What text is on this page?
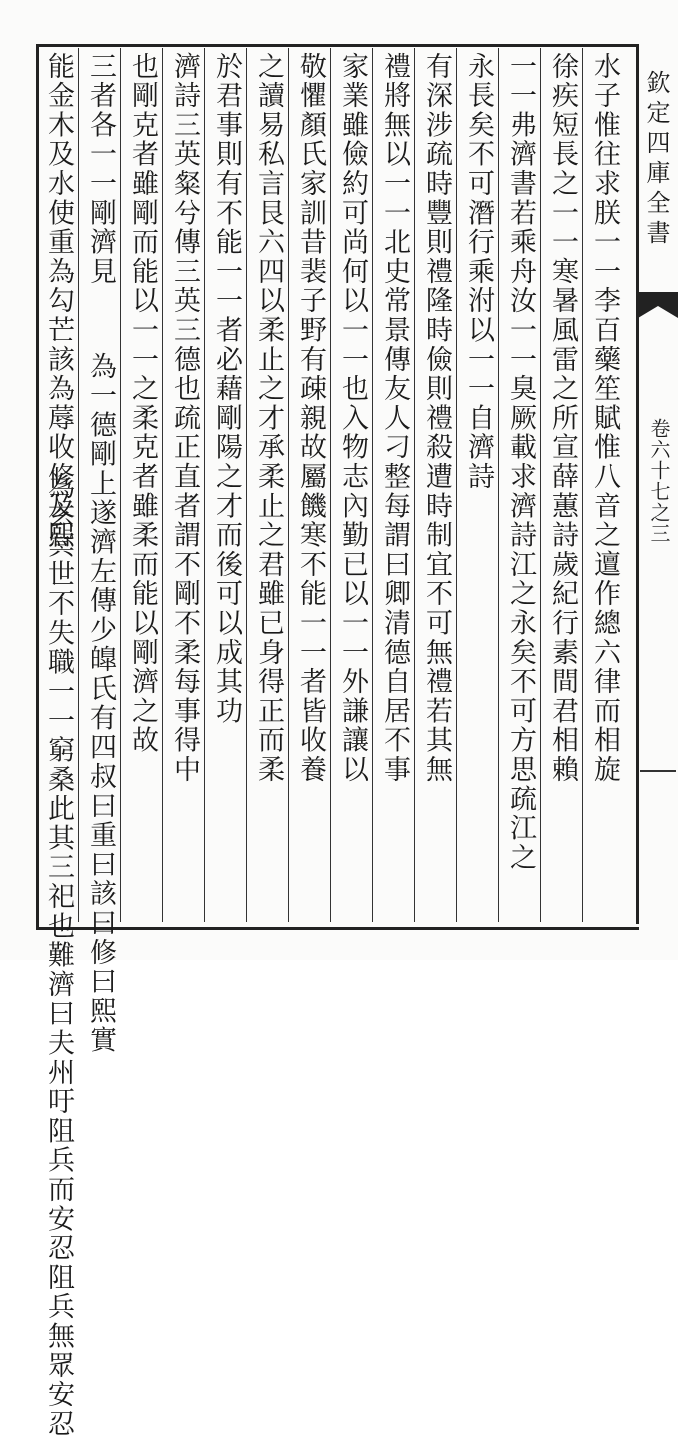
水子惟往求朕一一李百藥笙賦惟八音之邅作總六律而相旋
徐疾短長之一一寒暑風雷之所宣薛蕙詩歲紀行素間君相賴
一一弗濟書若乘舟汝一一臭厥載求濟詩江之永矣不可方思疏江之
永長矣不可潛行乘泭以一一自濟詩
有深涉疏時豐則禮隆時儉則禮殺遭時制宜不可無禮若其無
禮將無以一一北史常景傳友人刁整每謂曰卿清德自居不事
家業雖儉約可尚何以一一也入物志內勤已以一一外謙讓以
敬懼顏氏家訓昔裴子野有疎親故屬饑寒不能一一者皆收養
之讀易私言艮六四以柔止之才承柔止之君雖已身得正而柔
於君事則有不能一一者必藉剛陽之才而後可以成其功
濟詩三英粲兮傳三英三德也疏正直者謂不剛不柔每事得中
也剛克者雖剛而能以一一之柔克者雖柔而能以剛濟之故
三者各一一剛濟見
為一德剛上遂濟左傳少皥氏有四叔曰重曰該曰修曰熙實
能金木及水使重為勾芒該為蓐收修及熙
為玄冥世不失職一一窮桑此其三祀也難濟曰夫州吁阻兵而安忍阻兵無眾安忍
欽定四庫全書
卷六十七之三
